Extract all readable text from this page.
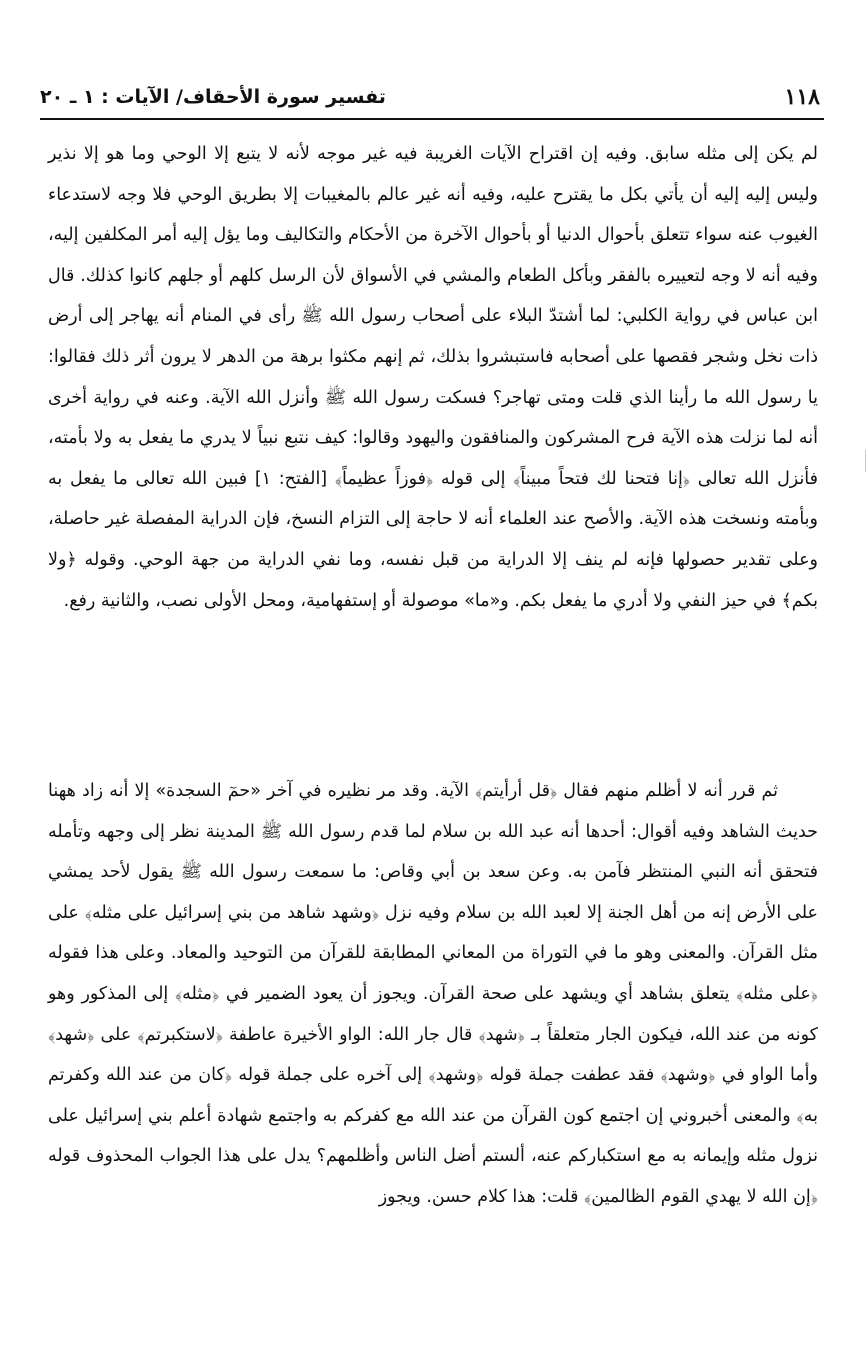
١١٨
تفسير سورة الأحقاف/ الآيات : ١ ـ ٢٠

لم يكن إلى مثله سابق. وفيه إن اقتراح الآيات الغريبة فيه غير موجه لأنه لا يتبع إلا الوحي وما هو إلا نذير وليس إليه إليه أن يأتي بكل ما يقترح عليه، وفيه أنه غير عالم بالمغيبات إلا بطريق الوحي فلا وجه لاستدعاء الغيوب عنه سواء تتعلق بأحوال الدنيا أو بأحوال الآخرة من الأحكام والتكاليف وما يؤل إليه أمر المكلفين إليه، وفيه أنه لا وجه لتعييره بالفقر وبأكل الطعام والمشي في الأسواق لأن الرسل كلهم أو جلهم كانوا كذلك. قال ابن عباس في رواية الكلبي: لما أشتدّ البلاء على أصحاب رسول الله ﷺ رأى في المنام أنه يهاجر إلى أرض ذات نخل وشجر فقصها على أصحابه فاستبشروا بذلك، ثم إنهم مكثوا برهة من الدهر لا يرون أثر ذلك فقالوا: يا رسول الله ما رأينا الذي قلت ومتى تهاجر؟ فسكت رسول الله ﷺ وأنزل الله الآية. وعنه في رواية أخرى أنه لما نزلت هذه الآية فرح المشركون والمنافقون واليهود وقالوا: كيف نتبع نبياً لا يدري ما يفعل به ولا بأمته، فأنزل الله تعالى ﴿إنا فتحنا لك فتحاً مبيناً﴾ إلى قوله ﴿فوزاً عظيماً﴾ [الفتح: ١] فبين الله تعالى ما يفعل به وبأمته ونسخت هذه الآية. والأصح عند العلماء أنه لا حاجة إلى التزام النسخ، فإن الدراية المفصلة غير حاصلة، وعلى تقدير حصولها فإنه لم ينف إلا الدراية من قبل نفسه، وما نفي الدراية من جهة الوحي. وقوله ﴿ولا بكم﴾ في حيز النفي ولا أدري ما يفعل بكم. و«ما» موصولة أو إستفهامية، ومحل الأولى نصب، والثانية رفع.

ثم قرر أنه لا أظلم منهم فقال ﴿قل أرأيتم﴾ الآية. وقد مر نظيره في آخر «حمٓ السجدة» إلا أنه زاد ههنا حديث الشاهد وفيه أقوال: أحدها أنه عبد الله بن سلام لما قدم رسول الله ﷺ المدينة نظر إلى وجهه وتأمله فتحقق أنه النبي المنتظر فآمن به. وعن سعد بن أبي وقاص: ما سمعت رسول الله ﷺ يقول لأحد يمشي على الأرض إنه من أهل الجنة إلا لعبد الله بن سلام وفيه نزل ﴿وشهد شاهد من بني إسرائيل على مثله﴾ على مثل القرآن. والمعنى وهو ما في التوراة من المعاني المطابقة للقرآن من التوحيد والمعاد. وعلى هذا فقوله ﴿على مثله﴾ يتعلق بشاهد أي ويشهد على صحة القرآن. ويجوز أن يعود الضمير في ﴿مثله﴾ إلى المذكور وهو كونه من عند الله، فيكون الجار متعلقاً بـ ﴿شهد﴾ قال جار الله: الواو الأخيرة عاطفة ﴿لاستكبرتم﴾ على ﴿شهد﴾ وأما الواو في ﴿وشهد﴾ فقد عطفت جملة قوله ﴿وشهد﴾ إلى آخره على جملة قوله ﴿كان من عند الله وكفرتم به﴾ والمعنى أخبروني إن اجتمع كون القرآن من عند الله مع كفركم به واجتمع شهادة أعلم بني إسرائيل على نزول مثله وإيمانه به مع استكباركم عنه، ألستم أضل الناس وأظلمهم؟ يدل على هذا الجواب المحذوف قوله ﴿إن الله لا يهدي القوم الظالمين﴾ قلت: هذا كلام حسن. ويجوز
